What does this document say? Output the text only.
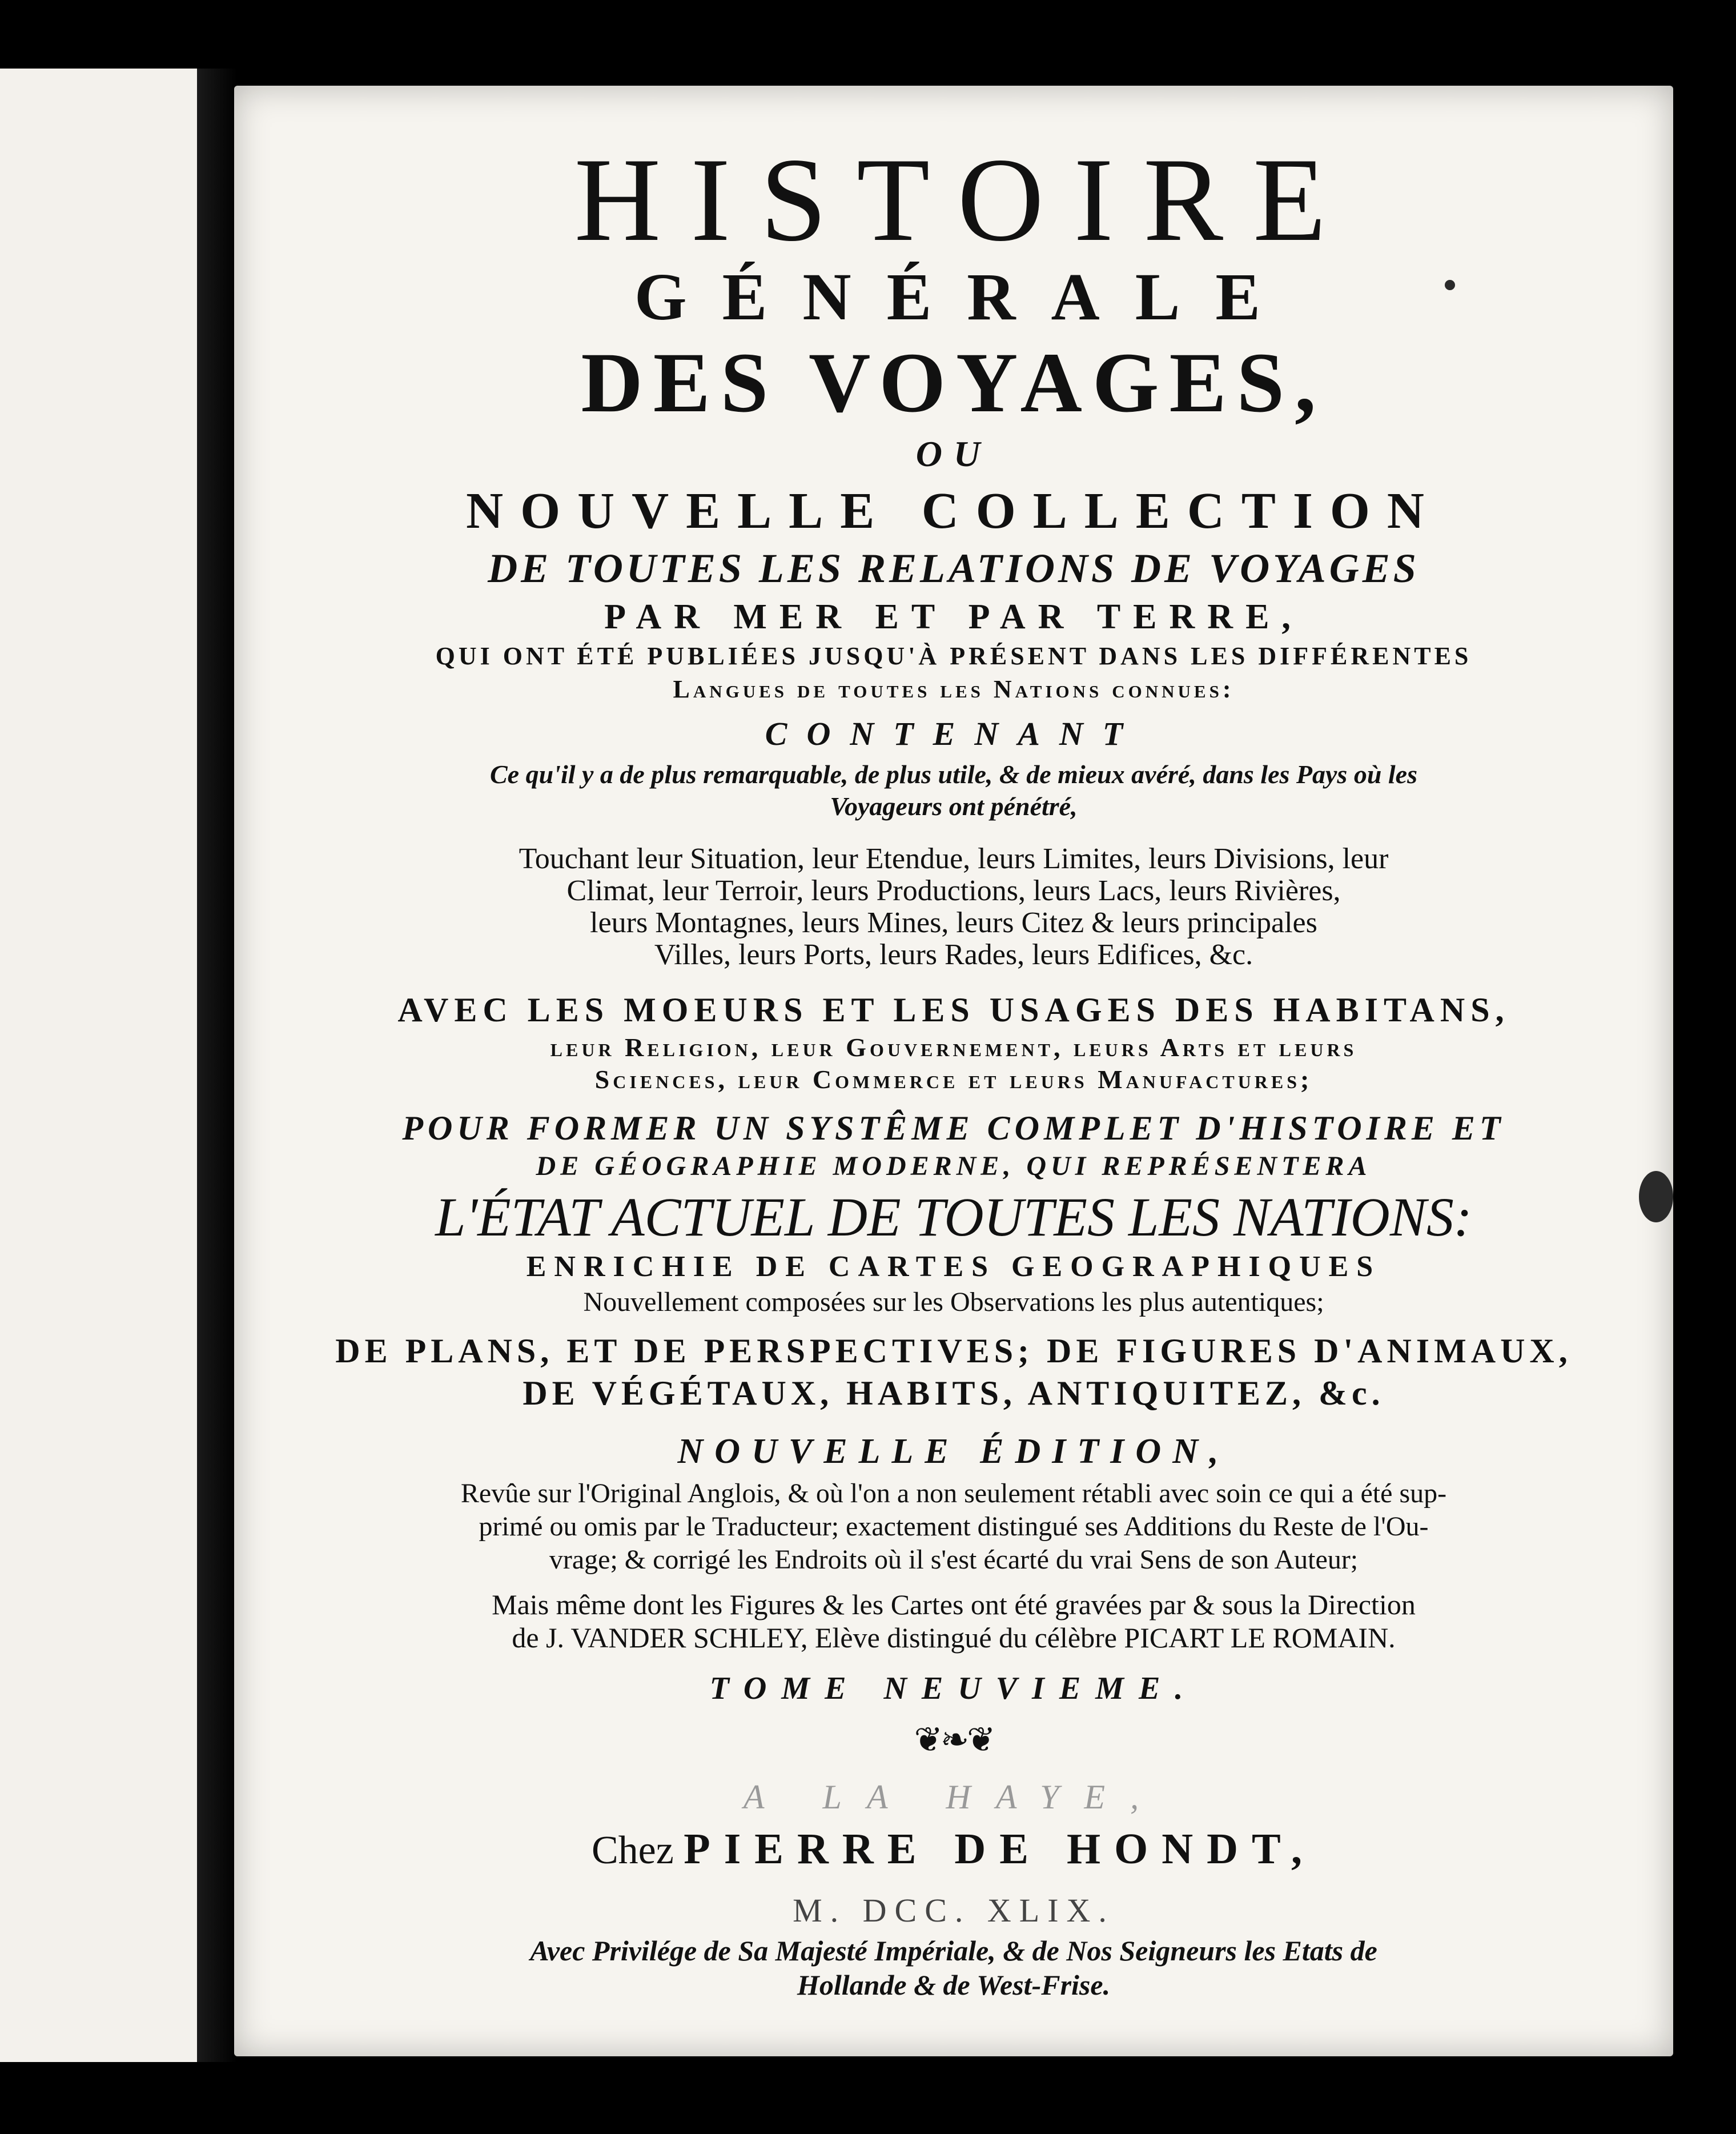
HISTOIRE
GÉNÉRALE
DES VOYAGES,
OU
NOUVELLE COLLECTION
DE TOUTES LES RELATIONS DE VOYAGES
PAR MER ET PAR TERRE,
QUI ONT ÉTÉ PUBLIÉES JUSQU'À PRÉSENT DANS LES DIFFÉRENTES
Langues de toutes les Nations connues:
CONTENANT
Ce qu'il y a de plus remarquable, de plus utile, & de mieux avéré, dans les Pays où les
Voyageurs ont pénétré,
Touchant leur Situation, leur Etendue, leurs Limites, leurs Divisions, leur
Climat, leur Terroir, leurs Productions, leurs Lacs, leurs Rivières,
leurs Montagnes, leurs Mines, leurs Citez & leurs principales
Villes, leurs Ports, leurs Rades, leurs Edifices, &c.
AVEC LES MOEURS ET LES USAGES DES HABITANS,
leur Religion, leur Gouvernement, leurs Arts et leurs
Sciences, leur Commerce et leurs Manufactures;
POUR FORMER UN SYSTÊME COMPLET D'HISTOIRE ET
DE GÉOGRAPHIE MODERNE, QUI REPRÉSENTERA
L'ÉTAT ACTUEL DE TOUTES LES NATIONS:
ENRICHIE DE CARTES GEOGRAPHIQUES
Nouvellement composées sur les Observations les plus autentiques;
DE PLANS, ET DE PERSPECTIVES; DE FIGURES D'ANIMAUX,
DE VÉGÉTAUX, HABITS, ANTIQUITEZ, &c.
NOUVELLE ÉDITION,
Revûe sur l'Original Anglois, & où l'on a non seulement rétabli avec soin ce qui a été sup-
primé ou omis par le Traducteur; exactement distingué ses Additions du Reste de l'Ou-
vrage; & corrigé les Endroits où il s'est écarté du vrai Sens de son Auteur;
Mais même dont les Figures & les Cartes ont été gravées par & sous la Direction
de J. VANDER SCHLEY, Elève distingué du célèbre PICART LE ROMAIN.
TOME NEUVIEME.
❦❧❦
A LA HAYE,
Chez PIERRE DE HONDT,
M. DCC. XLIX.
Avec Privilége de Sa Majesté Impériale, & de Nos Seigneurs les Etats de
Hollande & de West-Frise.
